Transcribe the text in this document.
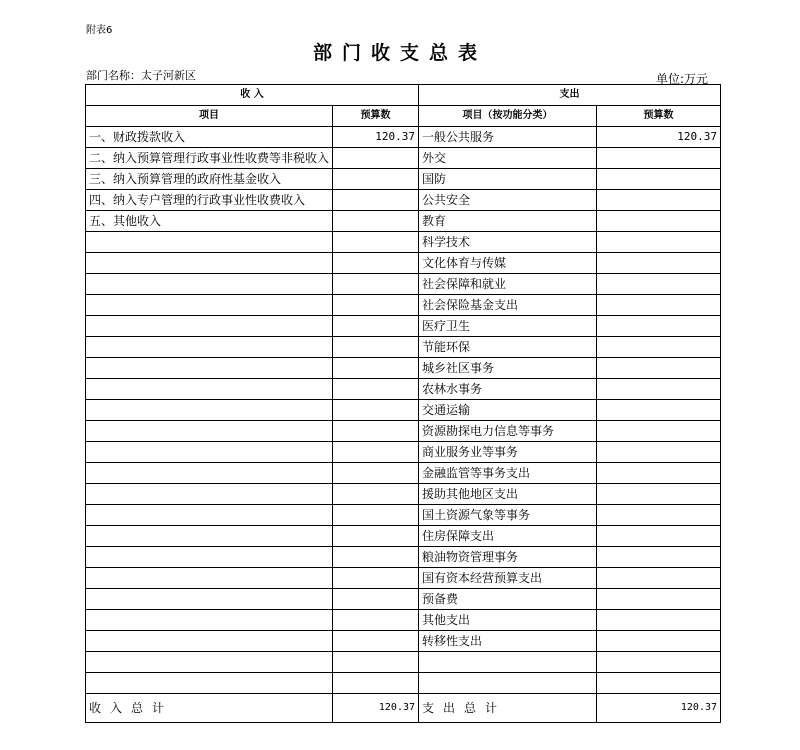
附表6
部门收支总表
部门名称：太子河新区	单位:万元
收 入		支出	
项目	预算数	项目（按功能分类）	预算数
一、财政拨款收入	120.37	一般公共服务	120.37
二、纳入预算管理行政事业性收费等非税收入		外交	
三、纳入预算管理的政府性基金收入		国防	
四、纳入专户管理的行政事业性收费收入		公共安全	
五、其他收入		教育	
		科学技术	
		文化体育与传媒	
		社会保障和就业	
		社会保险基金支出	
		医疗卫生	
		节能环保	
		城乡社区事务	
		农林水事务	
		交通运输	
		资源勘探电力信息等事务	
		商业服务业等事务	
		金融监管等事务支出	
		援助其他地区支出	
		国土资源气象等事务	
		住房保障支出	
		粮油物资管理事务	
		国有资本经营预算支出	
		预备费	
		其他支出	
		转移性支出	

收入总计	120.37	支出总计	120.37
